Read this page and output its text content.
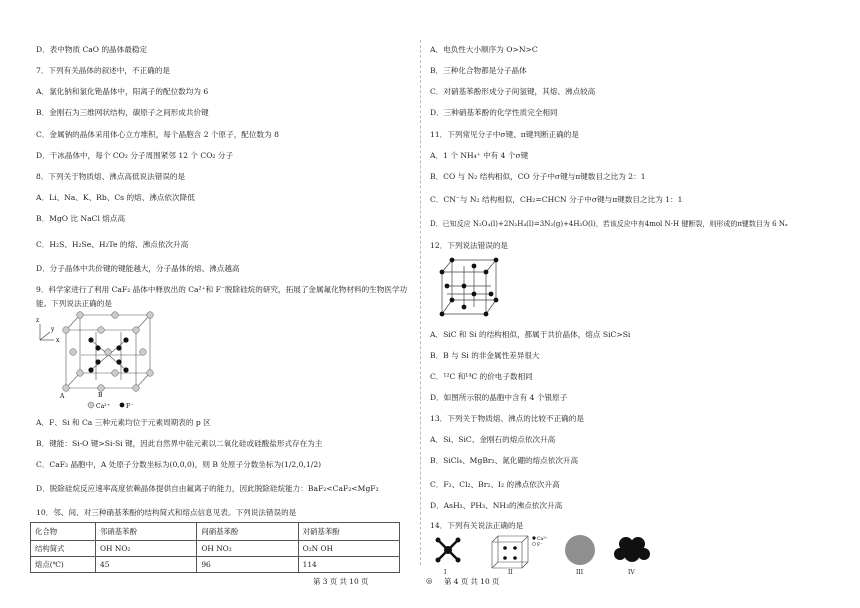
D．表中物质 CaO 的晶体最稳定
7．下列有关晶体的叙述中，不正确的是
A．氯化钠和氯化铯晶体中，阳离子的配位数均为 6
B．金刚石为三维网状结构，碳原子之间形成共价键
C．金属钠的晶体采用体心立方堆积，每个晶胞含 2 个原子，配位数为 8
D．干冰晶体中，每个 CO₂ 分子周围紧邻 12 个 CO₂ 分子
8．下列关于物质熔、沸点高低说法错误的是
A．Li、Na、K、Rb、Cs 的熔、沸点依次降低
B．MgO 比 NaCl 熔点高
C．H₂S、H₂Se、H₂Te 的熔、沸点依次升高
D．分子晶体中共价键的键能越大，分子晶体的熔、沸点越高
9．科学家进行了利用 CaF₂ 晶体中释放出的 Ca²⁺和 F⁻脱除硅烷的研究，拓展了金属氟化物材料的生物医学功
能。下列说法正确的是
z
x
y
A	B
Ca²⁺	F⁻
A．F、Si 和 Ca 三种元素均位于元素周期表的 p 区
B．键能：Si-O 键>Si-Si 键，因此自然界中硅元素以二氧化硅或硅酸盐形式存在为主
C．CaF₂ 晶胞中，A 处原子分数坐标为(0,0,0)，则 B 处原子分数坐标为(1/2,0,1/2)
D．脱除硅烷反应速率高度依赖晶体提供自由氟离子的能力，因此脱除硅烷能力：BaF₂<CaF₂<MgF₂
10．邻、间、对三种硝基苯酚的结构简式和熔点信息见表。下列说法错误的是
化合物	邻硝基苯酚	间硝基苯酚	对硝基苯酚
第 3 页 共 10 页	◎
A．电负性大小顺序为 O>N>C
B．三种化合物都是分子晶体
C．对硝基苯酚形成分子间氢键，其熔、沸点较高
D．三种硝基苯酚的化学性质完全相同
11．下列常见分子中σ键、π键判断正确的是
A．1 个 NH₄⁺ 中有 4 个σ键
B．CO 与 N₂ 结构相似，CO 分子中σ键与π键数目之比为 2：1
C．CN⁻与 N₂ 结构相似，CH₂=CHCN 分子中σ键与π键数目之比为 1：1
D．已知反应 N₂O₄(l)+2N₂H₄(l)=3N₂(g)+4H₂O(l)，若该反应中有4mol N-H 键断裂，则形成的π键数目为 6 Nₐ
12．下列说法错误的是
A．SiC 和 Si 的结构相似，都属于共价晶体，熔点 SiC>Si
B．B 与 Si 的非金属性差异很大
C．¹²C 和¹⁴C 的价电子数相同
D．如图所示银的晶胞中含有 4 个银原子
13．下列关于物质熔、沸点的比较不正确的是
A．Si、SiC、金刚石的熔点依次升高
B．SiCl₄、MgBr₂、氮化硼的熔点依次升高
C．F₂、Cl₂、Br₂、I₂ 的沸点依次升高
D．AsH₃、PH₃、NH₃的沸点依次升高
14．下列有关说法正确的是
Ca²⁺
F⁻
I	II	III	IV
第 4 页 共 10 页
结构简式	OH NO₂	OH NO₂	O₂N OH
熔点(℃)	45	96	114
